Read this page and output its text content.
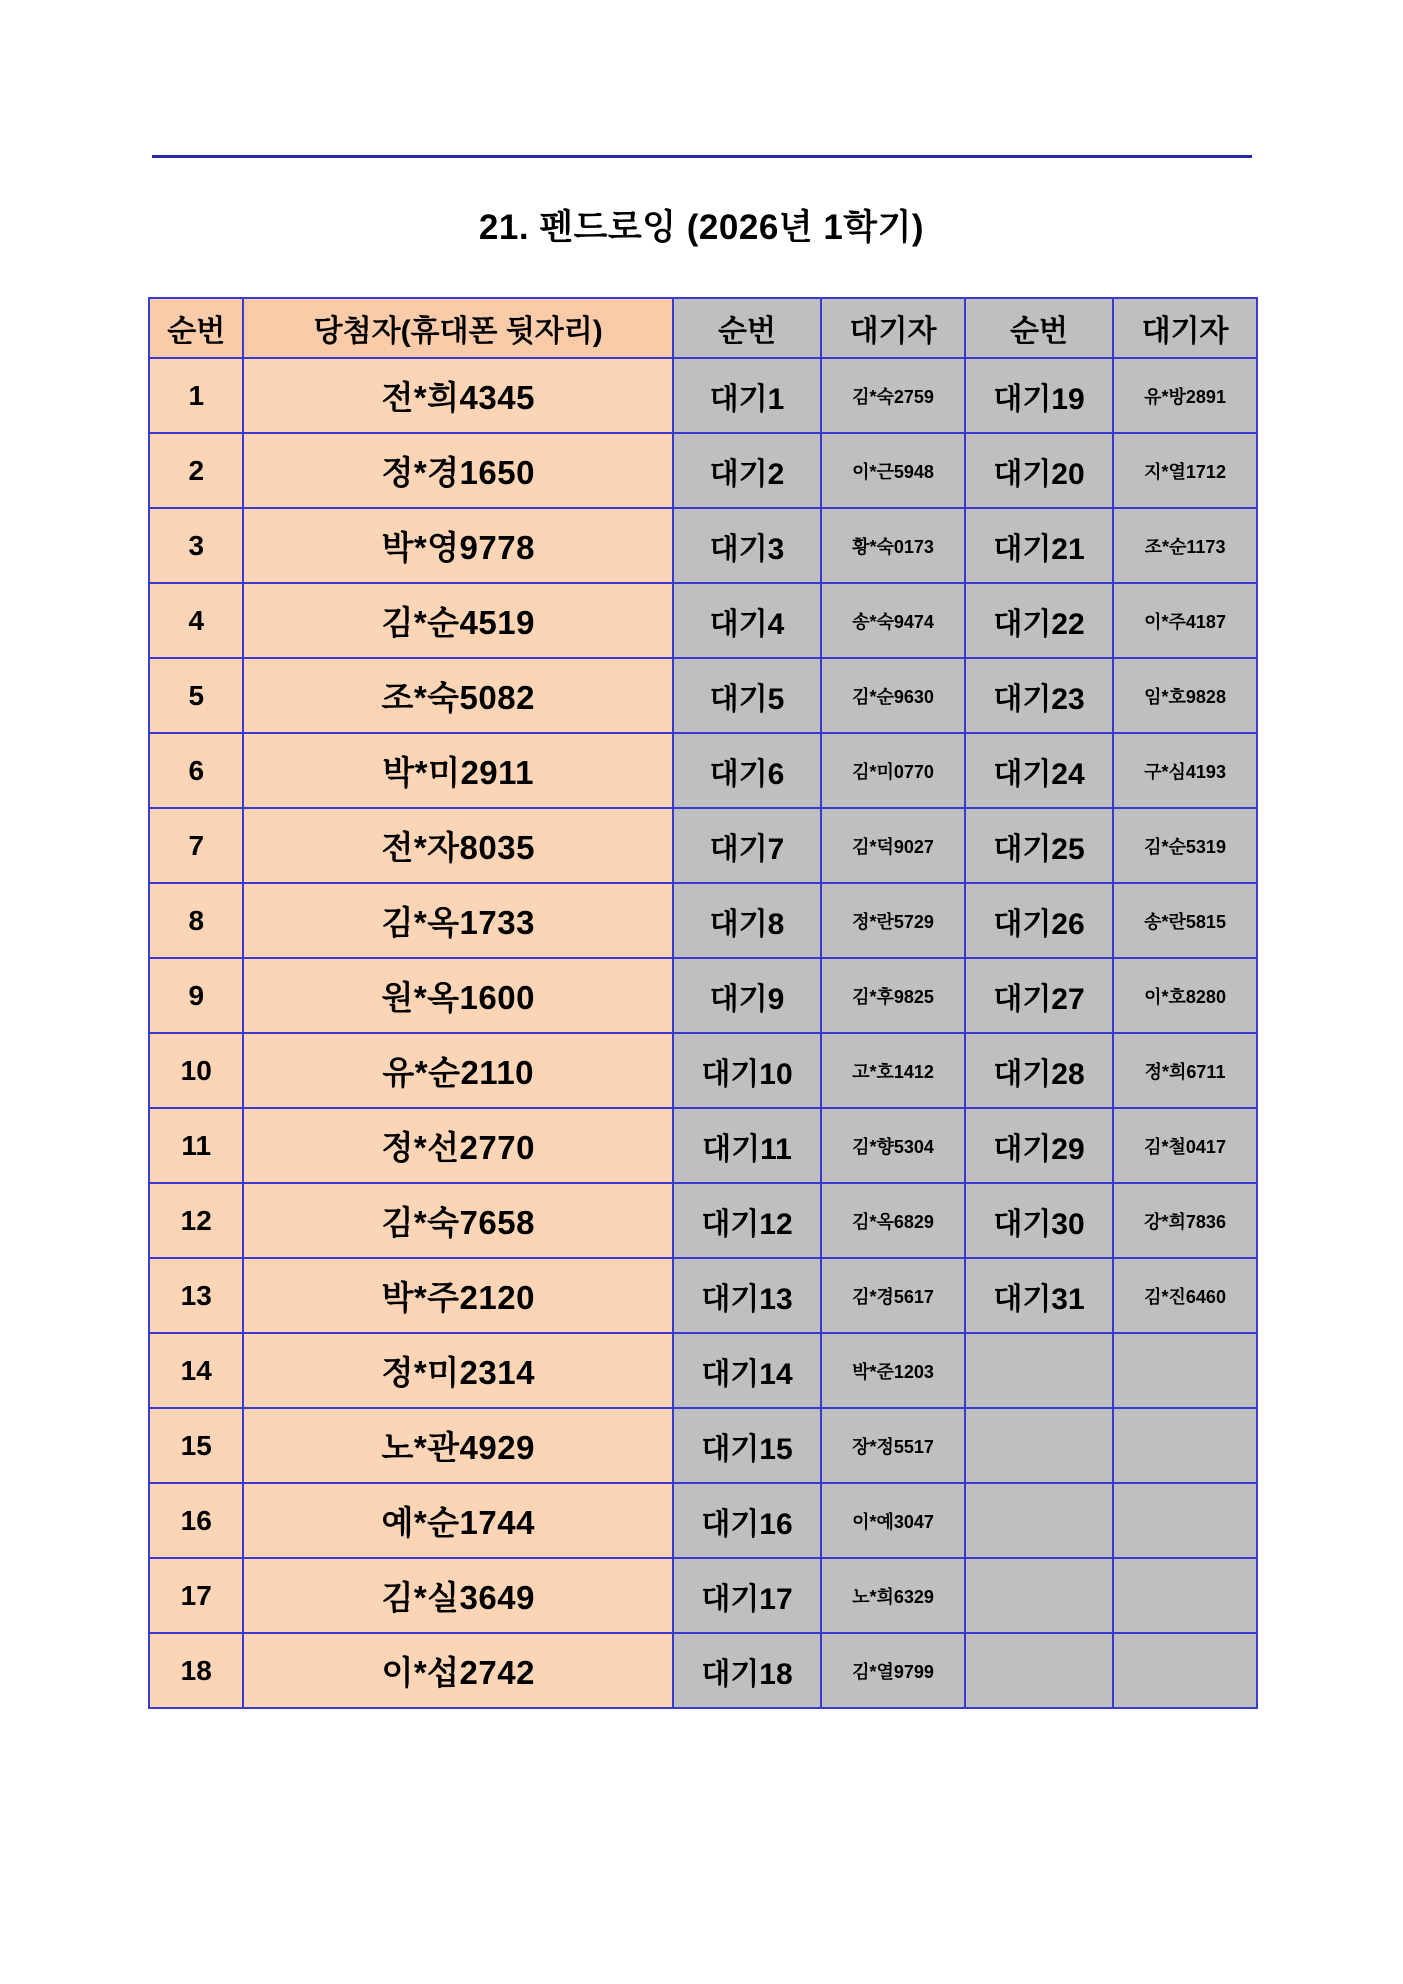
21. 펜드로잉 (2026년 1학기)
순번	당첨자(휴대폰 뒷자리)	순번	대기자	순번	대기자
1	전*희4345	대기1	김*숙2759	대기19	유*방2891
2	정*경1650	대기2	이*근5948	대기20	지*열1712
3	박*영9778	대기3	황*숙0173	대기21	조*순1173
4	김*순4519	대기4	송*숙9474	대기22	이*주4187
5	조*숙5082	대기5	김*순9630	대기23	임*호9828
6	박*미2911	대기6	김*미0770	대기24	구*심4193
7	전*자8035	대기7	김*덕9027	대기25	김*순5319
8	김*옥1733	대기8	정*란5729	대기26	송*란5815
9	원*옥1600	대기9	김*후9825	대기27	이*호8280
10	유*순2110	대기10	고*호1412	대기28	정*희6711
11	정*선2770	대기11	김*향5304	대기29	김*철0417
12	김*숙7658	대기12	김*옥6829	대기30	강*희7836
13	박*주2120	대기13	김*경5617	대기31	김*진6460
14	정*미2314	대기14	박*준1203		
15	노*관4929	대기15	장*정5517		
16	예*순1744	대기16	이*예3047		
17	김*실3649	대기17	노*희6329		
18	이*섭2742	대기18	김*열9799		
